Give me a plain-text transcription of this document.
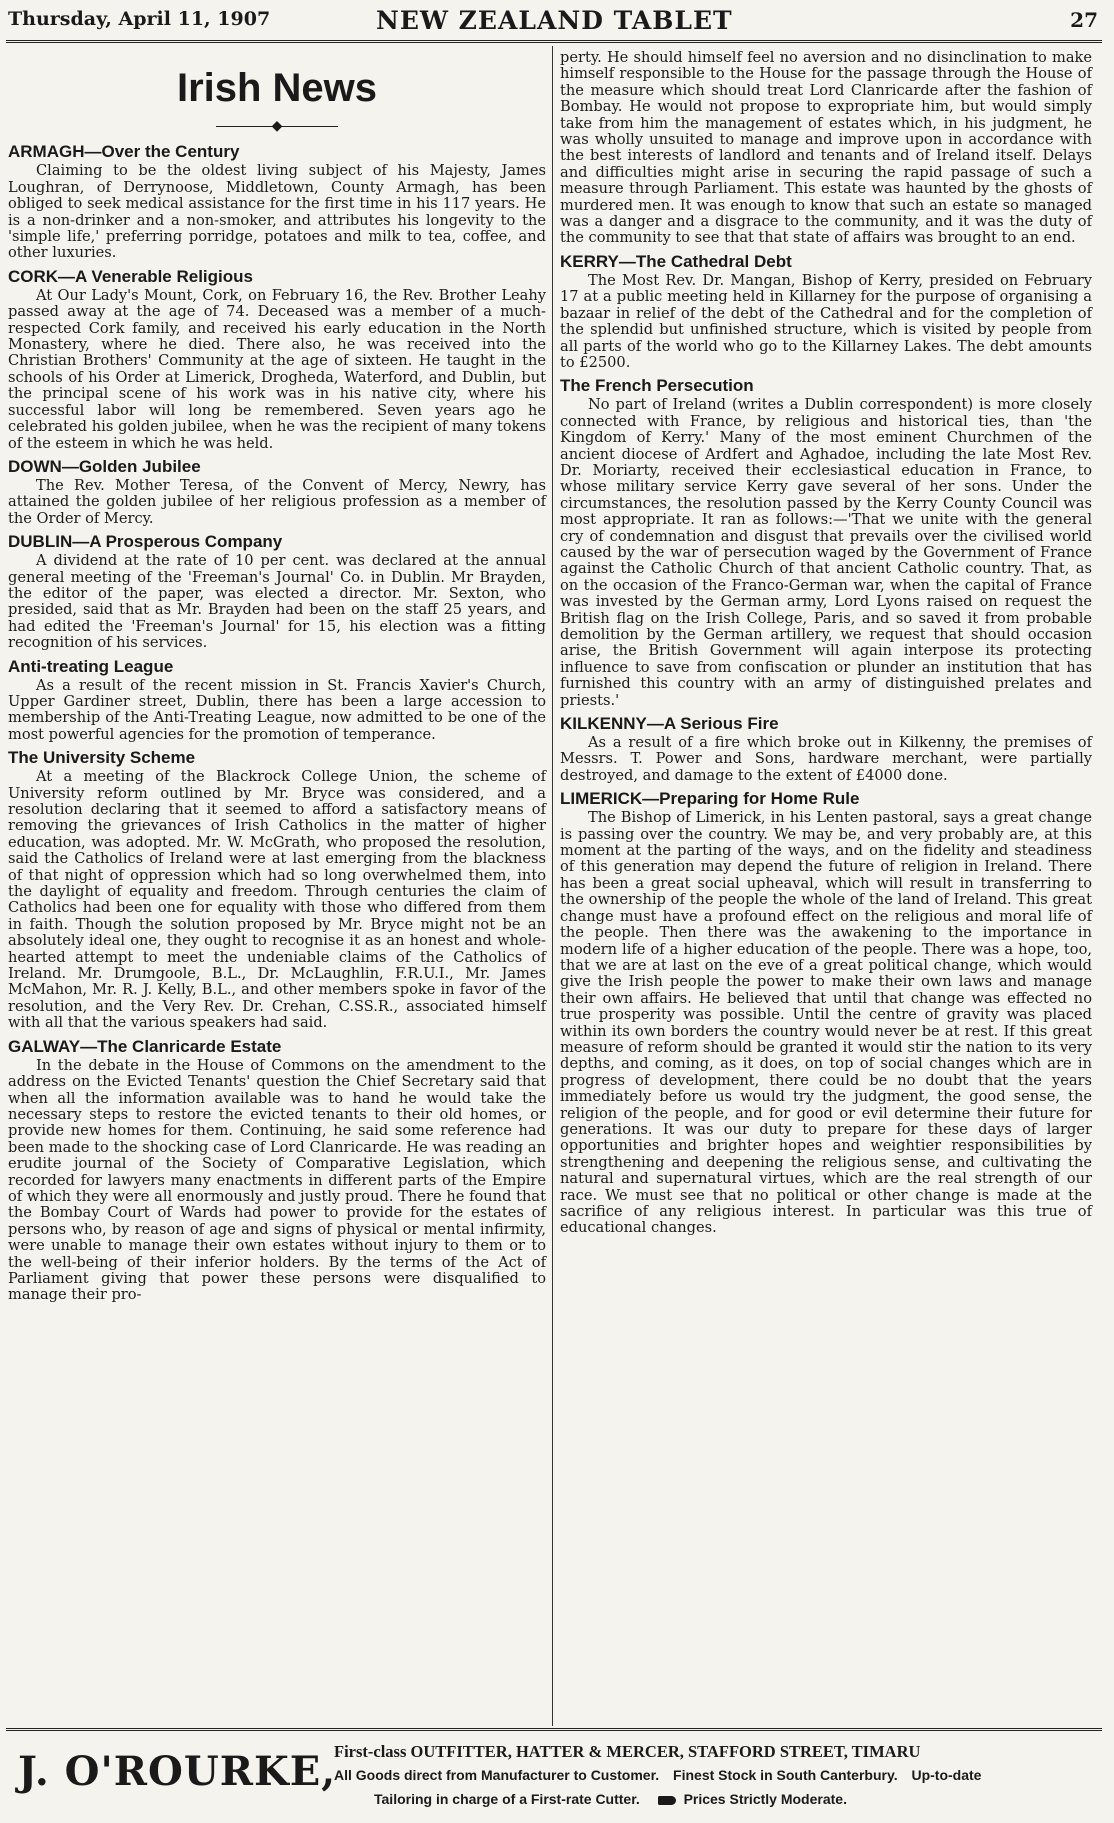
Thursday, April 11, 1907	NEW ZEALAND TABLET	27
Irish News
◆
ARMAGH—Over the Century

Claiming to be the oldest living subject of his Majesty, James Loughran, of Derrynoose, Middletown, County Armagh, has been obliged to seek medical assistance for the first time in his 117 years. He is a non-drinker and a non-smoker, and attributes his longevity to the 'simple life,' preferring porridge, potatoes and milk to tea, coffee, and other luxuries.

CORK—A Venerable Religious

At Our Lady's Mount, Cork, on February 16, the Rev. Brother Leahy passed away at the age of 74. Deceased was a member of a much-respected Cork family, and received his early education in the North Monastery, where he died. There also, he was received into the Christian Brothers' Community at the age of sixteen. He taught in the schools of his Order at Limerick, Drogheda, Waterford, and Dublin, but the principal scene of his work was in his native city, where his successful labor will long be remembered. Seven years ago he celebrated his golden jubilee, when he was the recipient of many tokens of the esteem in which he was held.

DOWN—Golden Jubilee

The Rev. Mother Teresa, of the Convent of Mercy, Newry, has attained the golden jubilee of her religious profession as a member of the Order of Mercy.

DUBLIN—A Prosperous Company

A dividend at the rate of 10 per cent. was declared at the annual general meeting of the 'Freeman's Journal' Co. in Dublin. Mr Brayden, the editor of the paper, was elected a director. Mr. Sexton, who presided, said that as Mr. Brayden had been on the staff 25 years, and had edited the 'Freeman's Journal' for 15, his election was a fitting recognition of his services.

Anti-treating League

As a result of the recent mission in St. Francis Xavier's Church, Upper Gardiner street, Dublin, there has been a large accession to membership of the Anti-Treating League, now admitted to be one of the most powerful agencies for the promotion of temperance.

The University Scheme

At a meeting of the Blackrock College Union, the scheme of University reform outlined by Mr. Bryce was considered, and a resolution declaring that it seemed to afford a satisfactory means of removing the grievances of Irish Catholics in the matter of higher education, was adopted. Mr. W. McGrath, who proposed the resolution, said the Catholics of Ireland were at last emerging from the blackness of that night of oppression which had so long overwhelmed them, into the daylight of equality and freedom. Through centuries the claim of Catholics had been one for equality with those who differed from them in faith. Though the solution proposed by Mr. Bryce might not be an absolutely ideal one, they ought to recognise it as an honest and whole-hearted attempt to meet the undeniable claims of the Catholics of Ireland. Mr. Drumgoole, B.L., Dr. McLaughlin, F.R.U.I., Mr. James McMahon, Mr. R. J. Kelly, B.L., and other members spoke in favor of the resolution, and the Very Rev. Dr. Crehan, C.SS.R., associated himself with all that the various speakers had said.

GALWAY—The Clanricarde Estate

In the debate in the House of Commons on the amendment to the address on the Evicted Tenants' question the Chief Secretary said that when all the information available was to hand he would take the necessary steps to restore the evicted tenants to their old homes, or provide new homes for them. Continuing, he said some reference had been made to the shocking case of Lord Clanricarde. He was reading an erudite journal of the Society of Comparative Legislation, which recorded for lawyers many enactments in different parts of the Empire of which they were all enormously and justly proud. There he found that the Bombay Court of Wards had power to provide for the estates of persons who, by reason of age and signs of physical or mental infirmity, were unable to manage their own estates without injury to them or to the well-being of their inferior holders. By the terms of the Act of Parliament giving that power these persons were disqualified to manage their pro-

perty. He should himself feel no aversion and no disinclination to make himself responsible to the House for the passage through the House of the measure which should treat Lord Clanricarde after the fashion of Bombay. He would not propose to expropriate him, but would simply take from him the management of estates which, in his judgment, he was wholly unsuited to manage and improve upon in accordance with the best interests of landlord and tenants and of Ireland itself. Delays and difficulties might arise in securing the rapid passage of such a measure through Parliament. This estate was haunted by the ghosts of murdered men. It was enough to know that such an estate so managed was a danger and a disgrace to the community, and it was the duty of the community to see that that state of affairs was brought to an end.

KERRY—The Cathedral Debt

The Most Rev. Dr. Mangan, Bishop of Kerry, presided on February 17 at a public meeting held in Killarney for the purpose of organising a bazaar in relief of the debt of the Cathedral and for the completion of the splendid but unfinished structure, which is visited by people from all parts of the world who go to the Killarney Lakes. The debt amounts to £2500.

The French Persecution

No part of Ireland (writes a Dublin correspondent) is more closely connected with France, by religious and historical ties, than 'the Kingdom of Kerry.' Many of the most eminent Churchmen of the ancient diocese of Ardfert and Aghadoe, including the late Most Rev. Dr. Moriarty, received their ecclesiastical education in France, to whose military service Kerry gave several of her sons. Under the circumstances, the resolution passed by the Kerry County Council was most appropriate. It ran as follows:—'That we unite with the general cry of condemnation and disgust that prevails over the civilised world caused by the war of persecution waged by the Government of France against the Catholic Church of that ancient Catholic country. That, as on the occasion of the Franco-German war, when the capital of France was invested by the German army, Lord Lyons raised on request the British flag on the Irish College, Paris, and so saved it from probable demolition by the German artillery, we request that should occasion arise, the British Government will again interpose its protecting influence to save from confiscation or plunder an institution that has furnished this country with an army of distinguished prelates and priests.'

KILKENNY—A Serious Fire

As a result of a fire which broke out in Kilkenny, the premises of Messrs. T. Power and Sons, hardware merchant, were partially destroyed, and damage to the extent of £4000 done.

LIMERICK—Preparing for Home Rule

The Bishop of Limerick, in his Lenten pastoral, says a great change is passing over the country. We may be, and very probably are, at this moment at the parting of the ways, and on the fidelity and steadiness of this generation may depend the future of religion in Ireland. There has been a great social upheaval, which will result in transferring to the ownership of the people the whole of the land of Ireland. This great change must have a profound effect on the religious and moral life of the people. Then there was the awakening to the importance in modern life of a higher education of the people. There was a hope, too, that we are at last on the eve of a great political change, which would give the Irish people the power to make their own laws and manage their own affairs. He believed that until that change was effected no true prosperity was possible. Until the centre of gravity was placed within its own borders the country would never be at rest. If this great measure of reform should be granted it would stir the nation to its very depths, and coming, as it does, on top of social changes which are in progress of development, there could be no doubt that the years immediately before us would try the judgment, the good sense, the religion of the people, and for good or evil determine their future for generations. It was our duty to prepare for these days of larger opportunities and brighter hopes and weightier responsibilities by strengthening and deepening the religious sense, and cultivating the natural and supernatural virtues, which are the real strength of our race. We must see that no political or other change is made at the sacrifice of any religious interest. In particular was this true of educational changes.

J. O'ROURKE,
First-class OUTFITTER, HATTER & MERCER, STAFFORD STREET, TIMARU
All Goods direct from Manufacturer to Customer. Finest Stock in South Canterbury. Up-to-date
Tailoring in charge of a First-rate Cutter.	Prices Strictly Moderate.
